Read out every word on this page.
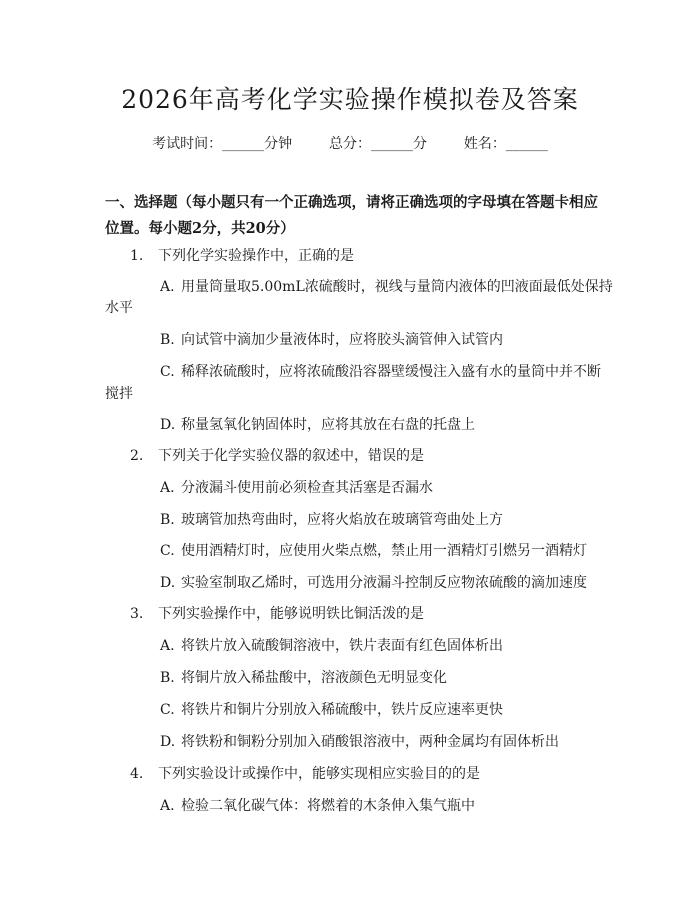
2026年高考化学实验操作模拟卷及答案
考试时间：______分钟	总分：______分	姓名：______
一、选择题（每小题只有一个正确选项，请将正确选项的字母填在答题卡相应位置。每小题2分，共20分）
1. 下列化学实验操作中，正确的是
A. 用量筒量取5.00mL浓硫酸时，视线与量筒内液体的凹液面最低处保持
水平
B. 向试管中滴加少量液体时，应将胶头滴管伸入试管内
C. 稀释浓硫酸时，应将浓硫酸沿容器壁缓慢注入盛有水的量筒中并不断
搅拌
D. 称量氢氧化钠固体时，应将其放在右盘的托盘上
2. 下列关于化学实验仪器的叙述中，错误的是
A. 分液漏斗使用前必须检查其活塞是否漏水
B. 玻璃管加热弯曲时，应将火焰放在玻璃管弯曲处上方
C. 使用酒精灯时，应使用火柴点燃，禁止用一酒精灯引燃另一酒精灯
D. 实验室制取乙烯时，可选用分液漏斗控制反应物浓硫酸的滴加速度
3. 下列实验操作中，能够说明铁比铜活泼的是
A. 将铁片放入硫酸铜溶液中，铁片表面有红色固体析出
B. 将铜片放入稀盐酸中，溶液颜色无明显变化
C. 将铁片和铜片分别放入稀硫酸中，铁片反应速率更快
D. 将铁粉和铜粉分别加入硝酸银溶液中，两种金属均有固体析出
4. 下列实验设计或操作中，能够实现相应实验目的的是
A. 检验二氧化碳气体：将燃着的木条伸入集气瓶中
